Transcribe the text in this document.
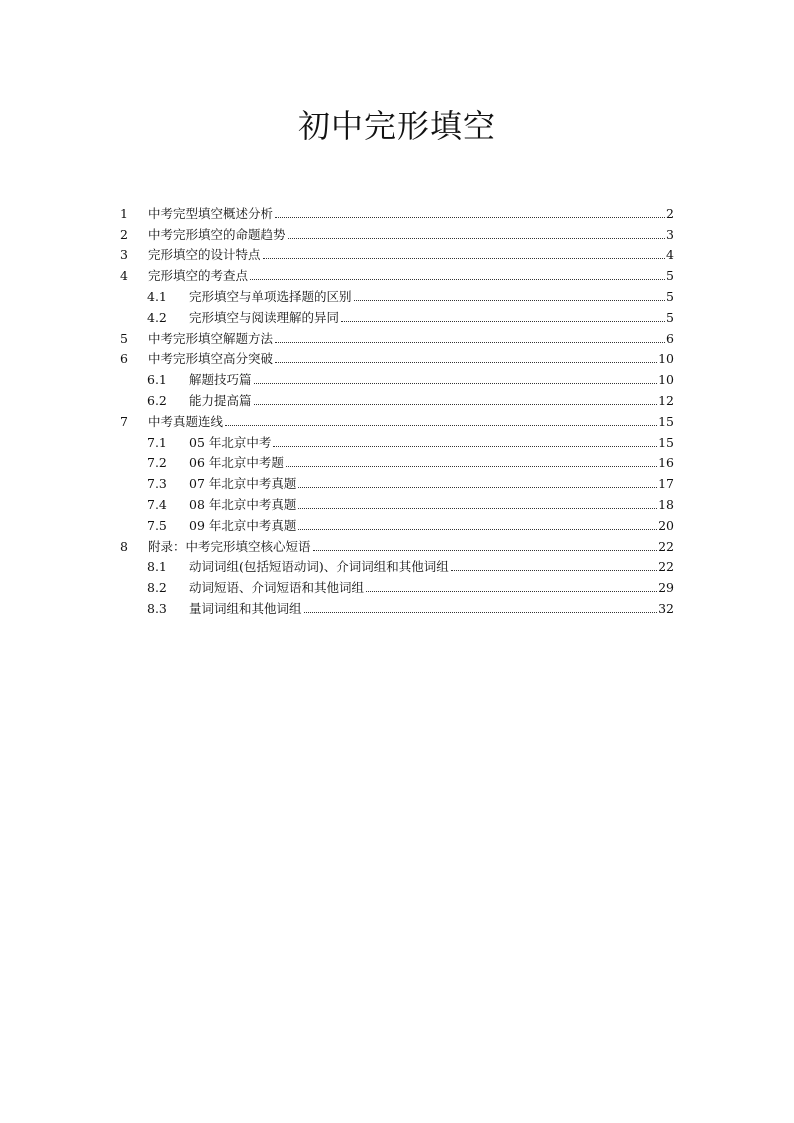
初中完形填空
1	中考完型填空概述分析	2
2	中考完形填空的命题趋势	3
3	完形填空的设计特点	4
4	完形填空的考查点	5
4.1	完形填空与单项选择题的区别	5
4.2	完形填空与阅读理解的异同	5
5	中考完形填空解题方法	6
6	中考完形填空高分突破	10
6.1	解题技巧篇	10
6.2	能力提高篇	12
7	中考真题连线	15
7.1	05 年北京中考	15
7.2	06 年北京中考题	16
7.3	07 年北京中考真题	17
7.4	08 年北京中考真题	18
7.5	09 年北京中考真题	20
8	附录：中考完形填空核心短语	22
8.1	动词词组(包括短语动词)、介词词组和其他词组	22
8.2	动词短语、介词短语和其他词组	29
8.3	量词词组和其他词组	32
